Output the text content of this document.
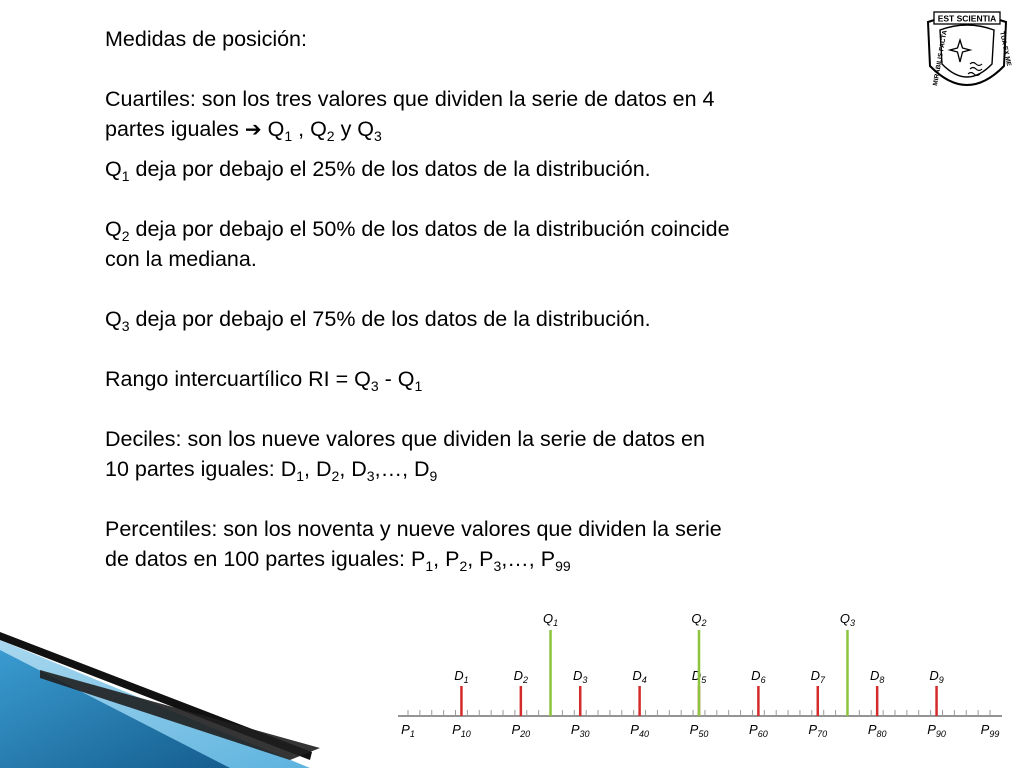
Medidas de posición:

Cuartiles: son los tres valores que dividen la serie de datos en 4
partes iguales ➔ $Q_1$ , $Q_2$ y $Q_3$

$Q_1$ deja por debajo el 25% de los datos de la distribución.

$Q_2$ deja por debajo el 50% de los datos de la distribución coincide
con la mediana.

$Q_3$ deja por debajo el 75% de los datos de la distribución.

Rango intercuartílico RI = $Q_3 - Q_1$

Deciles: son los nueve valores que dividen la serie de datos en
10 partes iguales: $D_1$, $D_2$, $D_3,\dots$, $D_9$

Percentiles: son los noventa y nueve valores que dividen la serie
de datos en 100 partes iguales: $P_1$, $P_2$, $P_3,\dots$, $P_{99}$

EST SCIENTIA
MIRABILIS FACTA	TUA EX ME
$D_1$	$D_2$	$D_3$	$D_4$	$D_5$	$D_6$	$D_7$	$D_8$	$D_9$
$Q_1$	$Q_2$	$Q_3$
$P_1$	$P_{10}$	$P_{20}$	$P_{30}$	$P_{40}$	$P_{50}$	$P_{60}$	$P_{70}$	$P_{80}$	$P_{90}$	$P_{99}$
